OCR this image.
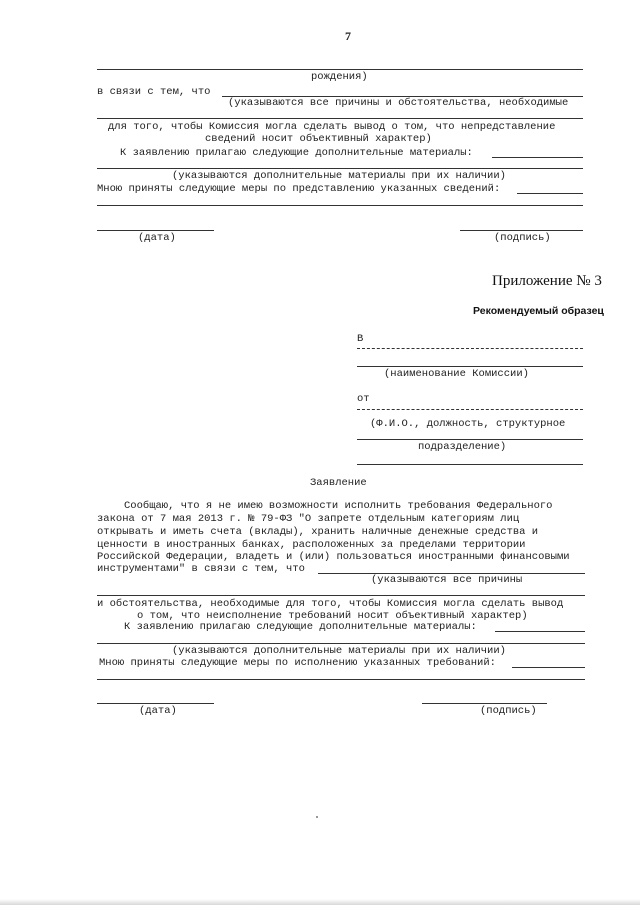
7
рождения)
в связи с тем, что
(указываются все причины и обстоятельства, необходимые
для того, чтобы Комиссия могла сделать вывод о том, что непредставление
сведений носит объективный характер)
К заявлению прилагаю следующие дополнительные материалы:
(указываются дополнительные материалы при их наличии)
Мною приняты следующие меры по представлению указанных сведений:
(дата)	(подпись)
Приложение № 3
Рекомендуемый образец
В
(наименование Комиссии)
от
(Ф.И.О., должность, структурное
подразделение)
Заявление
Сообщаю, что я не имею возможности исполнить требования Федерального
закона от 7 мая 2013 г. № 79-ФЗ "О запрете отдельным категориям лиц
открывать и иметь счета (вклады), хранить наличные денежные средства и
ценности в иностранных банках, расположенных за пределами территории
Российской Федерации, владеть и (или) пользоваться иностранными финансовыми
инструментами" в связи с тем, что
(указываются все причины
и обстоятельства, необходимые для того, чтобы Комиссия могла сделать вывод
о том, что неисполнение требований носит объективный характер)
К заявлению прилагаю следующие дополнительные материалы:
(указываются дополнительные материалы при их наличии)
Мною приняты следующие меры по исполнению указанных требований:
(дата)	(подпись)
